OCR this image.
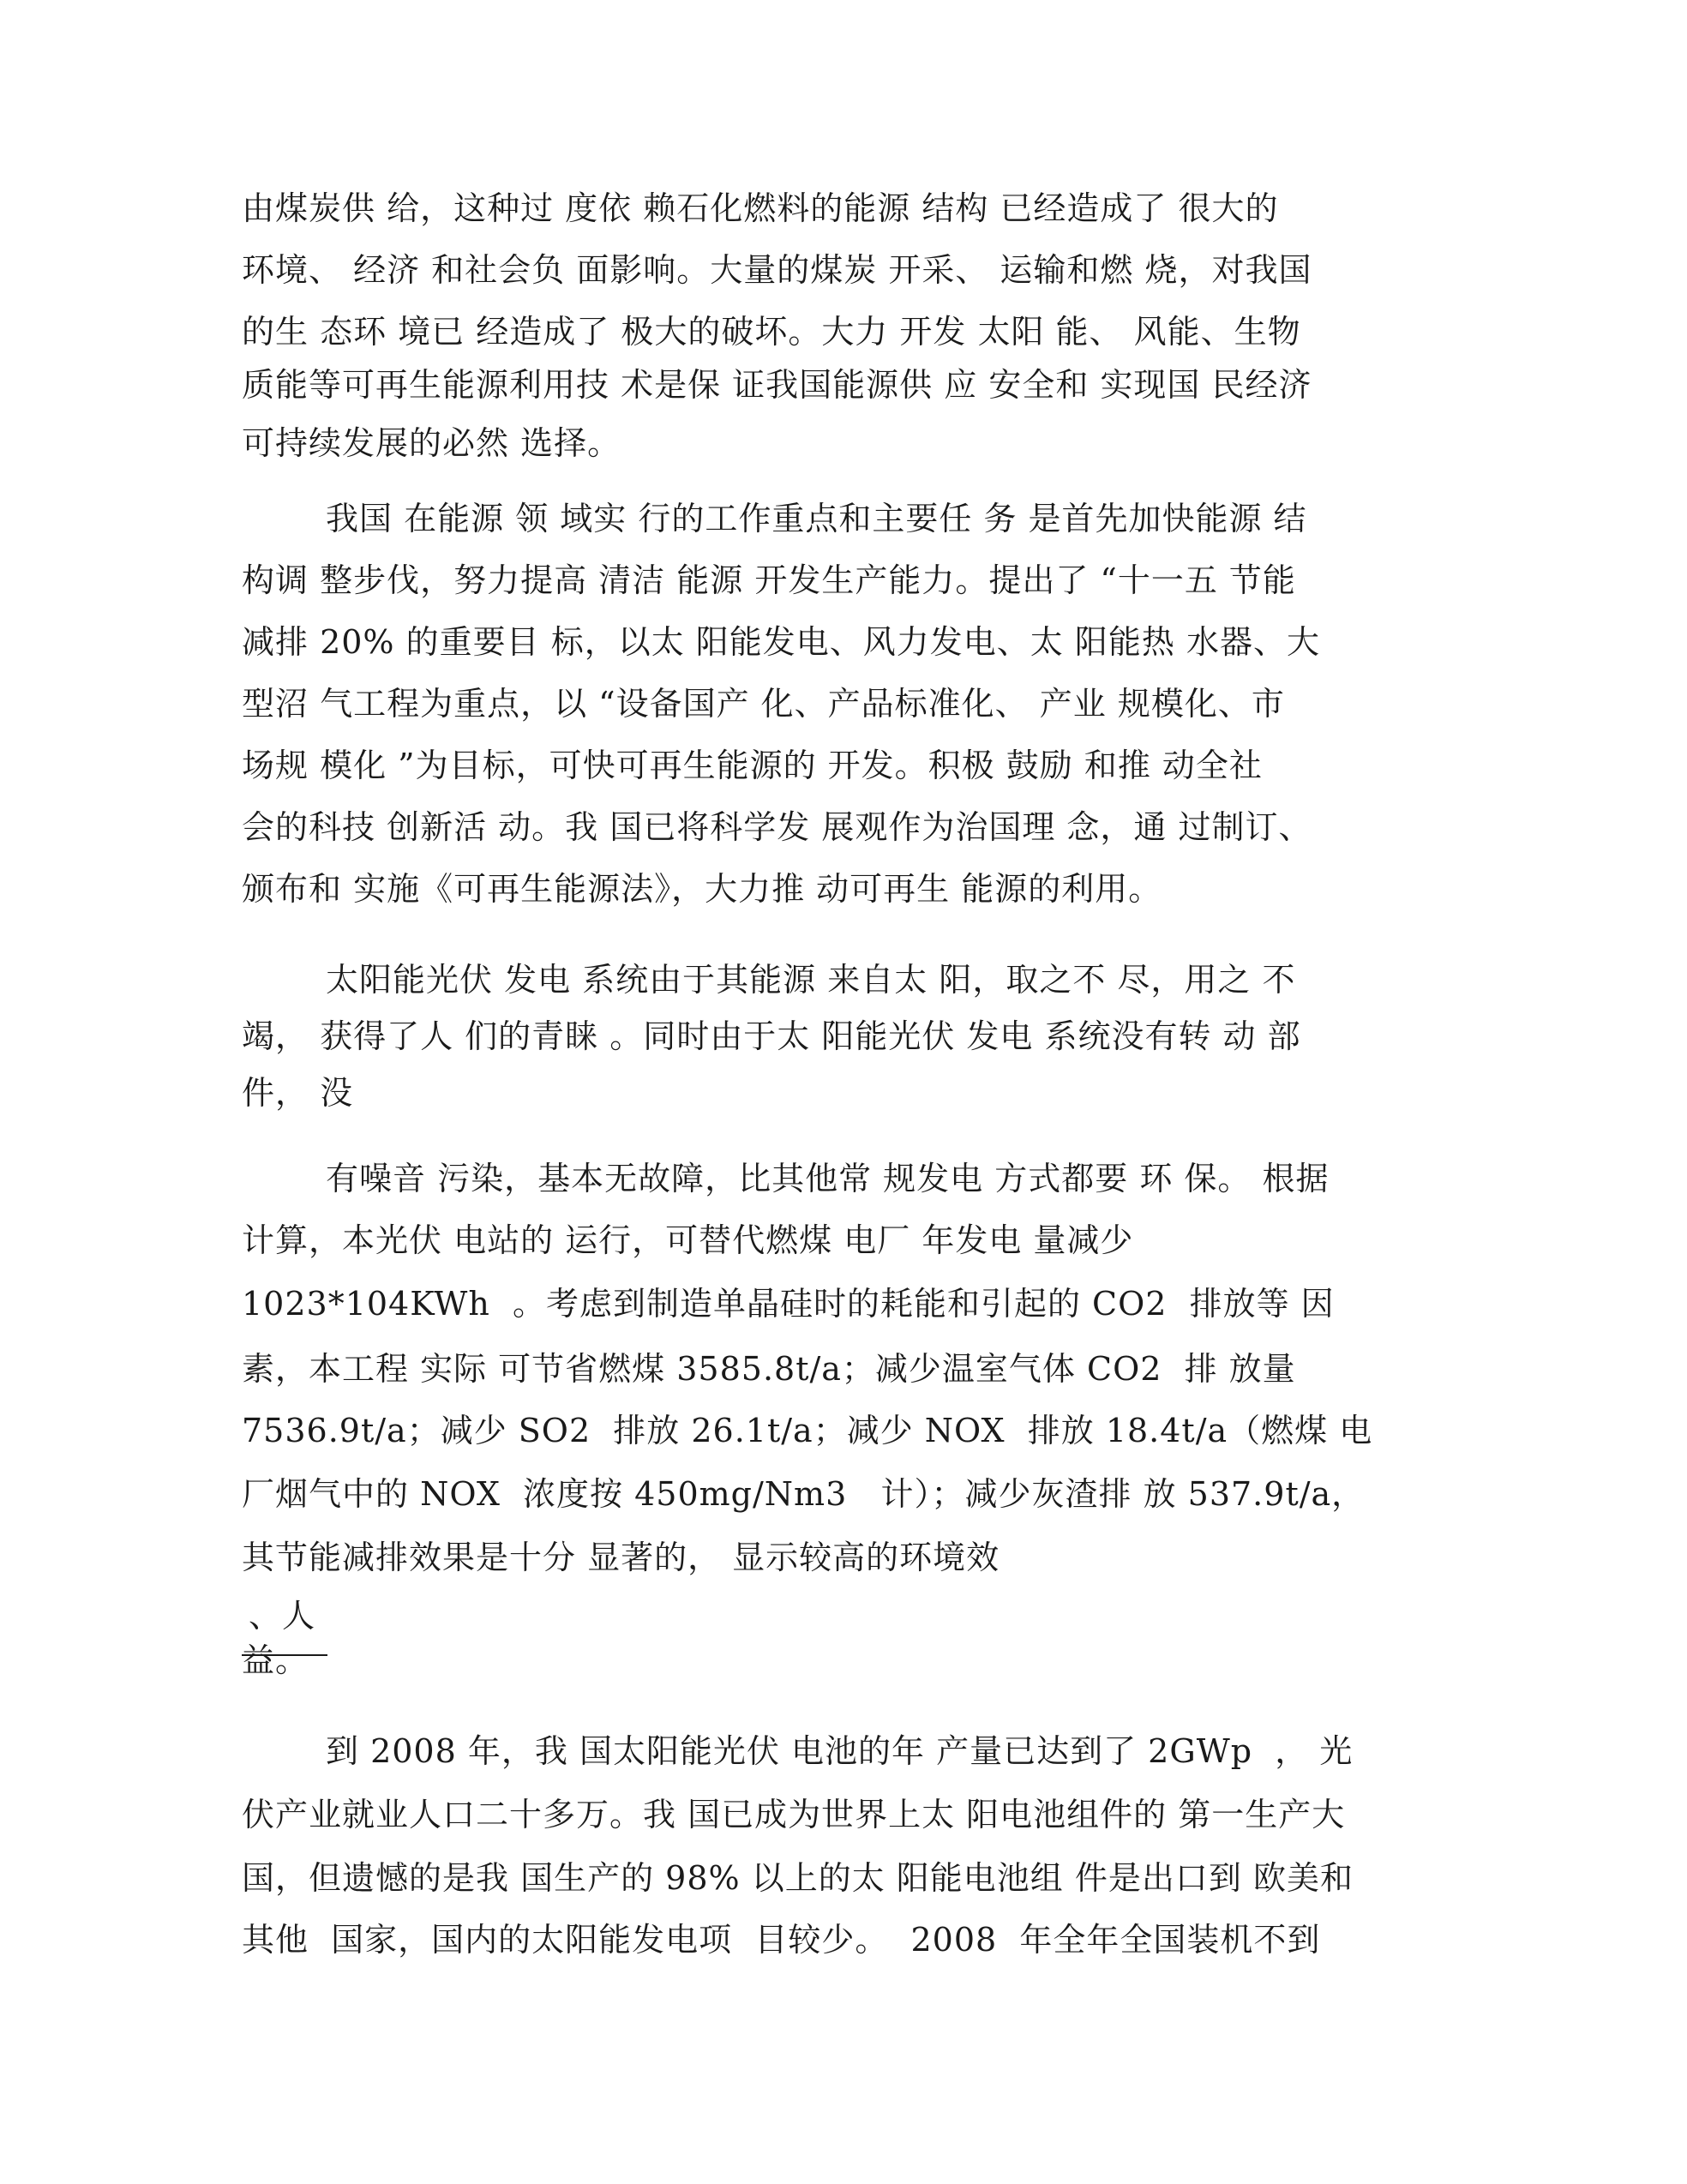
由煤炭供 给，这种过 度依 赖石化燃料的能源 结构 已经造成了 很大的
环境、 经济 和社会负 面影响。大量的煤炭 开采、 运输和燃 烧，对我国
的生 态环 境已 经造成了 极大的破坏。大力 开发 太阳 能、 风能、生物
质能等可再生能源利用技 术是保 证我国能源供 应 安全和 实现国 民经济
可持续发展的必然 选择。
我国 在能源 领 域实 行的工作重点和主要任 务 是首先加快能源 结
构调 整步伐，努力提高 清洁 能源 开发生产能力。提出了 “十一五 节能
减排 20% 的重要目 标，以太 阳能发电、风力发电、太 阳能热 水器、大
型沼 气工程为重点，以 “设备国产 化、产品标准化、 产业 规模化、市
场规 模化 ”为目标，可快可再生能源的 开发。积极 鼓励 和推 动全社
会的科技 创新活 动。我 国已将科学发 展观作为治国理 念，通 过制订、
颁布和 实施《可再生能源法》，大力推 动可再生 能源的利用。
太阳能光伏 发电 系统由于其能源 来自太 阳，取之不 尽，用之 不
竭， 获得了人 们的青睐 。同时由于太 阳能光伏 发电 系统没有转 动 部
件， 没
有噪音 污染，基本无故障，比其他常 规发电 方式都要 环 保。 根据
计算，本光伏 电站的 运行，可替代燃煤 电厂 年发电 量减少
1023*104KWh  。考虑到制造单晶硅时的耗能和引起的 CO2  排放等 因
素，本工程 实际 可节省燃煤 3585.8t/a；减少温室气体 CO2  排 放量
7536.9t/a；减少 SO2  排放 26.1t/a；减少 NOX  排放 18.4t/a（燃煤 电
厂烟气中的 NOX  浓度按 450mg/Nm3   计）；减少灰渣排 放 537.9t/a，
其节能减排效果是十分 显著的， 显示较高的环境效
、人
益。
到 2008 年，我 国太阳能光伏 电池的年 产量已达到了 2GWp  ， 光
伏产业就业人口二十多万。我 国已成为世界上太 阳电池组件的 第一生产大
国，但遗憾的是我 国生产的 98% 以上的太 阳能电池组 件是出口到 欧美和
其他  国家，国内的太阳能发电项  目较少。  2008  年全年全国装机不到
